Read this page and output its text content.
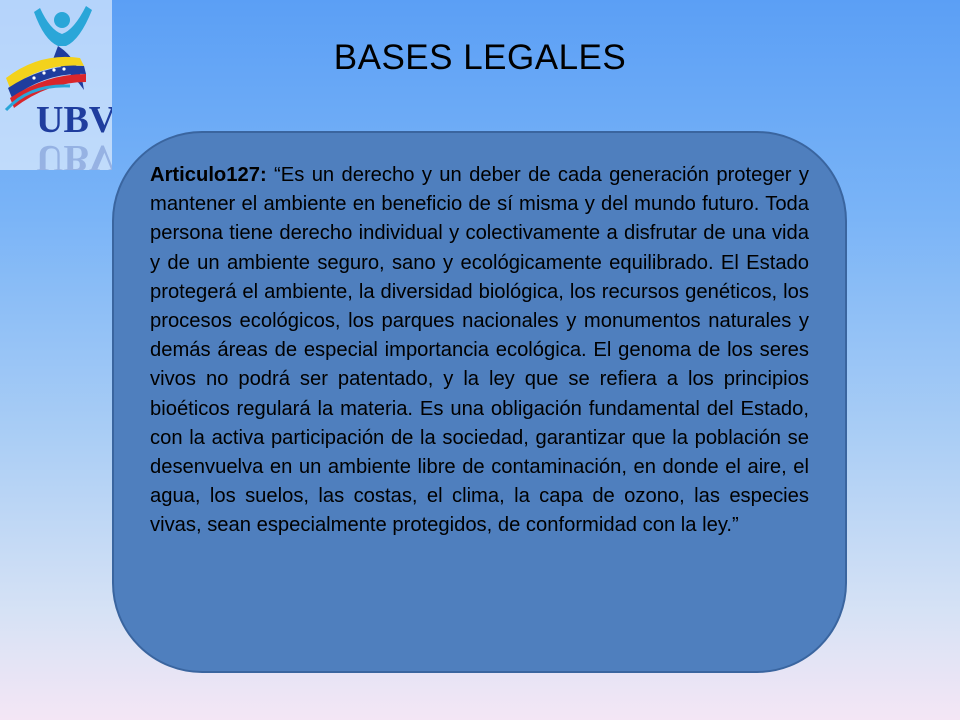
UBV
UBV
BASES LEGALES

Articulo127: “Es un derecho y un deber de cada generación proteger y mantener el ambiente en beneficio de sí misma y del mundo futuro. Toda persona tiene derecho individual y colectivamente a disfrutar de una vida y de un ambiente seguro, sano y ecológicamente equilibrado. El Estado protegerá el ambiente, la diversidad biológica, los recursos genéticos, los procesos ecológicos, los parques nacionales y monumentos naturales y demás áreas de especial importancia ecológica. El genoma de los seres vivos no podrá ser patentado, y la ley que se refiera a los principios bioéticos regulará la materia. Es una obligación fundamental del Estado, con la activa participación de la sociedad, garantizar que la población se desenvuelva en un ambiente libre de contaminación, en donde el aire, el agua, los suelos, las costas, el clima, la capa de ozono, las especies vivas, sean especialmente protegidos, de conformidad con la ley.”
